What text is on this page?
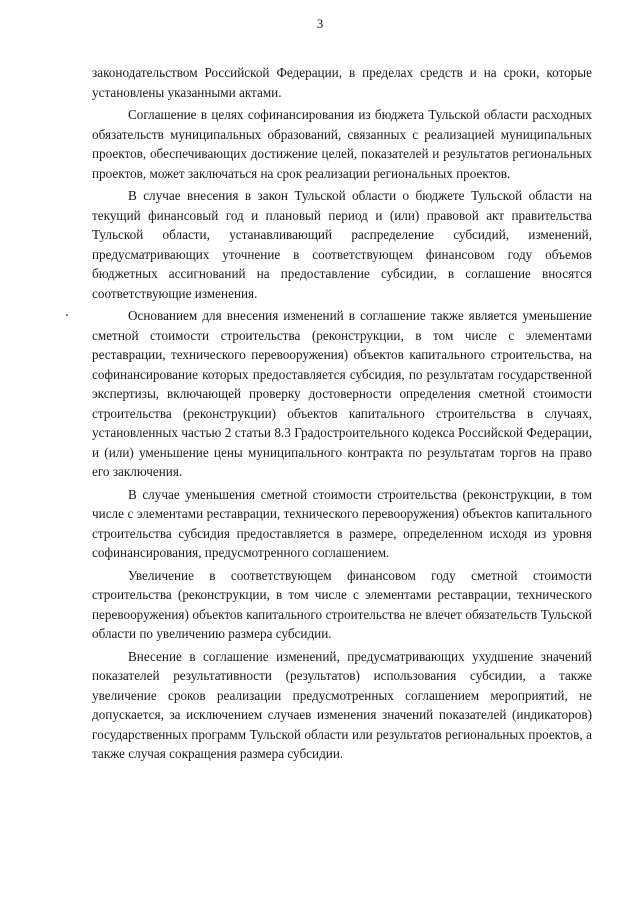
3

законодательством Российской Федерации, в пределах средств и на сроки, которые установлены указанными актами.

Соглашение в целях софинансирования из бюджета Тульской области расходных обязательств муниципальных образований, связанных с реализацией муниципальных проектов, обеспечивающих достижение целей, показателей и результатов региональных проектов, может заключаться на срок реализации региональных проектов.

В случае внесения в закон Тульской области о бюджете Тульской области на текущий финансовый год и плановый период и (или) правовой акт правительства Тульской области, устанавливающий распределение субсидий, изменений, предусматривающих уточнение в соответствующем финансовом году объемов бюджетных ассигнований на предоставление субсидии, в соглашение вносятся соответствующие изменения.

Основанием для внесения изменений в соглашение также является уменьшение сметной стоимости строительства (реконструкции, в том числе с элементами реставрации, технического перевооружения) объектов капитального строительства, на софинансирование которых предоставляется субсидия, по результатам государственной экспертизы, включающей проверку достоверности определения сметной стоимости строительства (реконструкции) объектов капитального строительства в случаях, установленных частью 2 статьи 8.3 Градостроительного кодекса Российской Федерации, и (или) уменьшение цены муниципального контракта по результатам торгов на право его заключения.

В случае уменьшения сметной стоимости строительства (реконструкции, в том числе с элементами реставрации, технического перевооружения) объектов капитального строительства субсидия предоставляется в размере, определенном исходя из уровня софинансирования, предусмотренного соглашением.

Увеличение в соответствующем финансовом году сметной стоимости строительства (реконструкции, в том числе с элементами реставрации, технического перевооружения) объектов капитального строительства не влечет обязательств Тульской области по увеличению размера субсидии.

Внесение в соглашение изменений, предусматривающих ухудшение значений показателей результативности (результатов) использования субсидии, а также увеличение сроков реализации предусмотренных соглашением мероприятий, не допускается, за исключением случаев изменения значений показателей (индикаторов) государственных программ Тульской области или результатов региональных проектов, а также случая сокращения размера субсидии.
